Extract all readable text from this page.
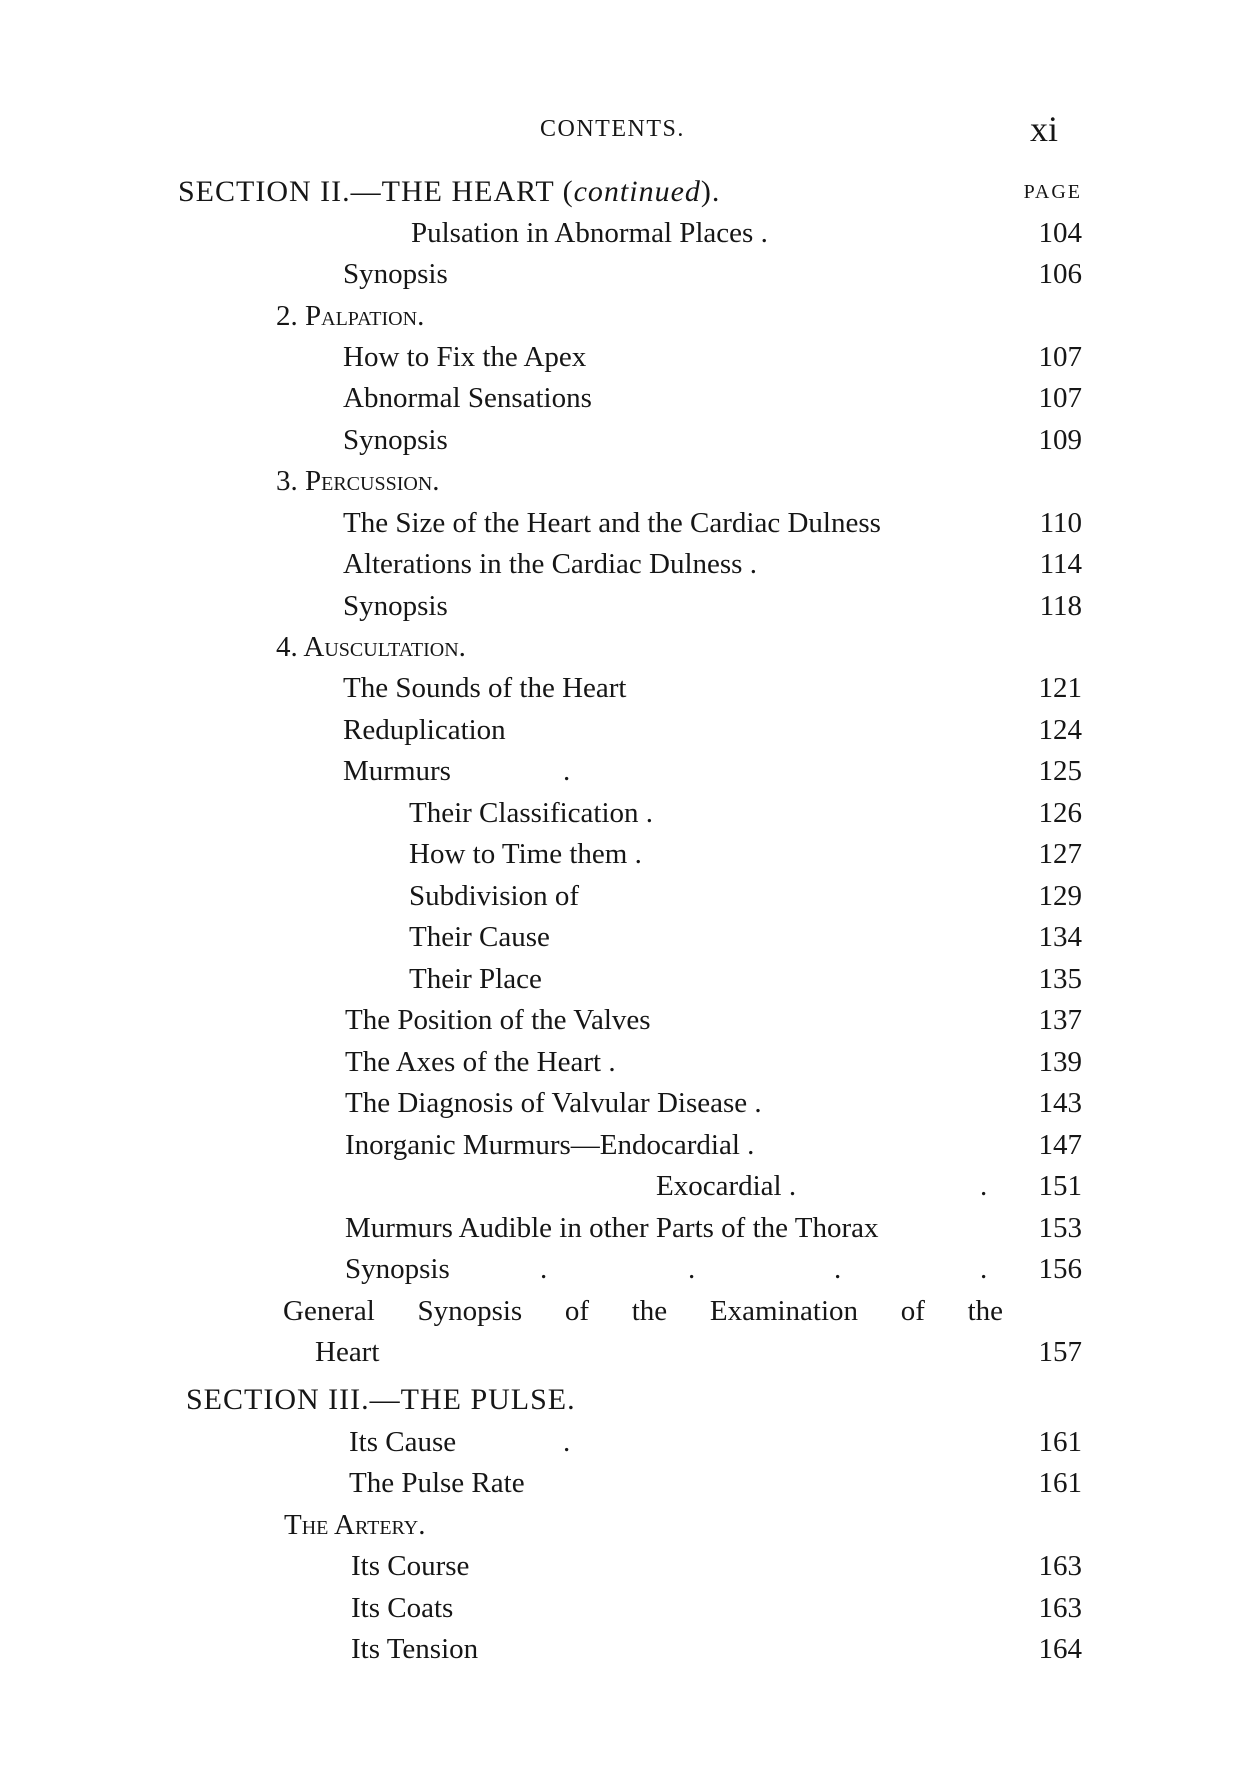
CONTENTS.	xi
SECTION II.—THE HEART (continued).	PAGE
Pulsation in Abnormal Places .	104
Synopsis	106
2. Palpation.
How to Fix the Apex	107
Abnormal Sensations	107
Synopsis	109
3. Percussion.
The Size of the Heart and the Cardiac Dulness	110
Alterations in the Cardiac Dulness .	114
Synopsis	118
4. Auscultation.
The Sounds of the Heart	121
Reduplication	124
Murmurs	.	125
Their Classification .	126
How to Time them .	127
Subdivision of	129
Their Cause	134
Their Place	135
The Position of the Valves	137
The Axes of the Heart .	139
The Diagnosis of Valvular Disease .	143
Inorganic Murmurs—Endocardial .	147
Exocardial .	. 151
Murmurs Audible in other Parts of the Thorax	153
Synopsis	.	.	.	. 156
General Synopsis of the Examination of the
Heart	157
SECTION III.—THE PULSE.
Its Cause	.	161
The Pulse Rate	161
The Artery.
Its Course	163
Its Coats	163
Its Tension	164
